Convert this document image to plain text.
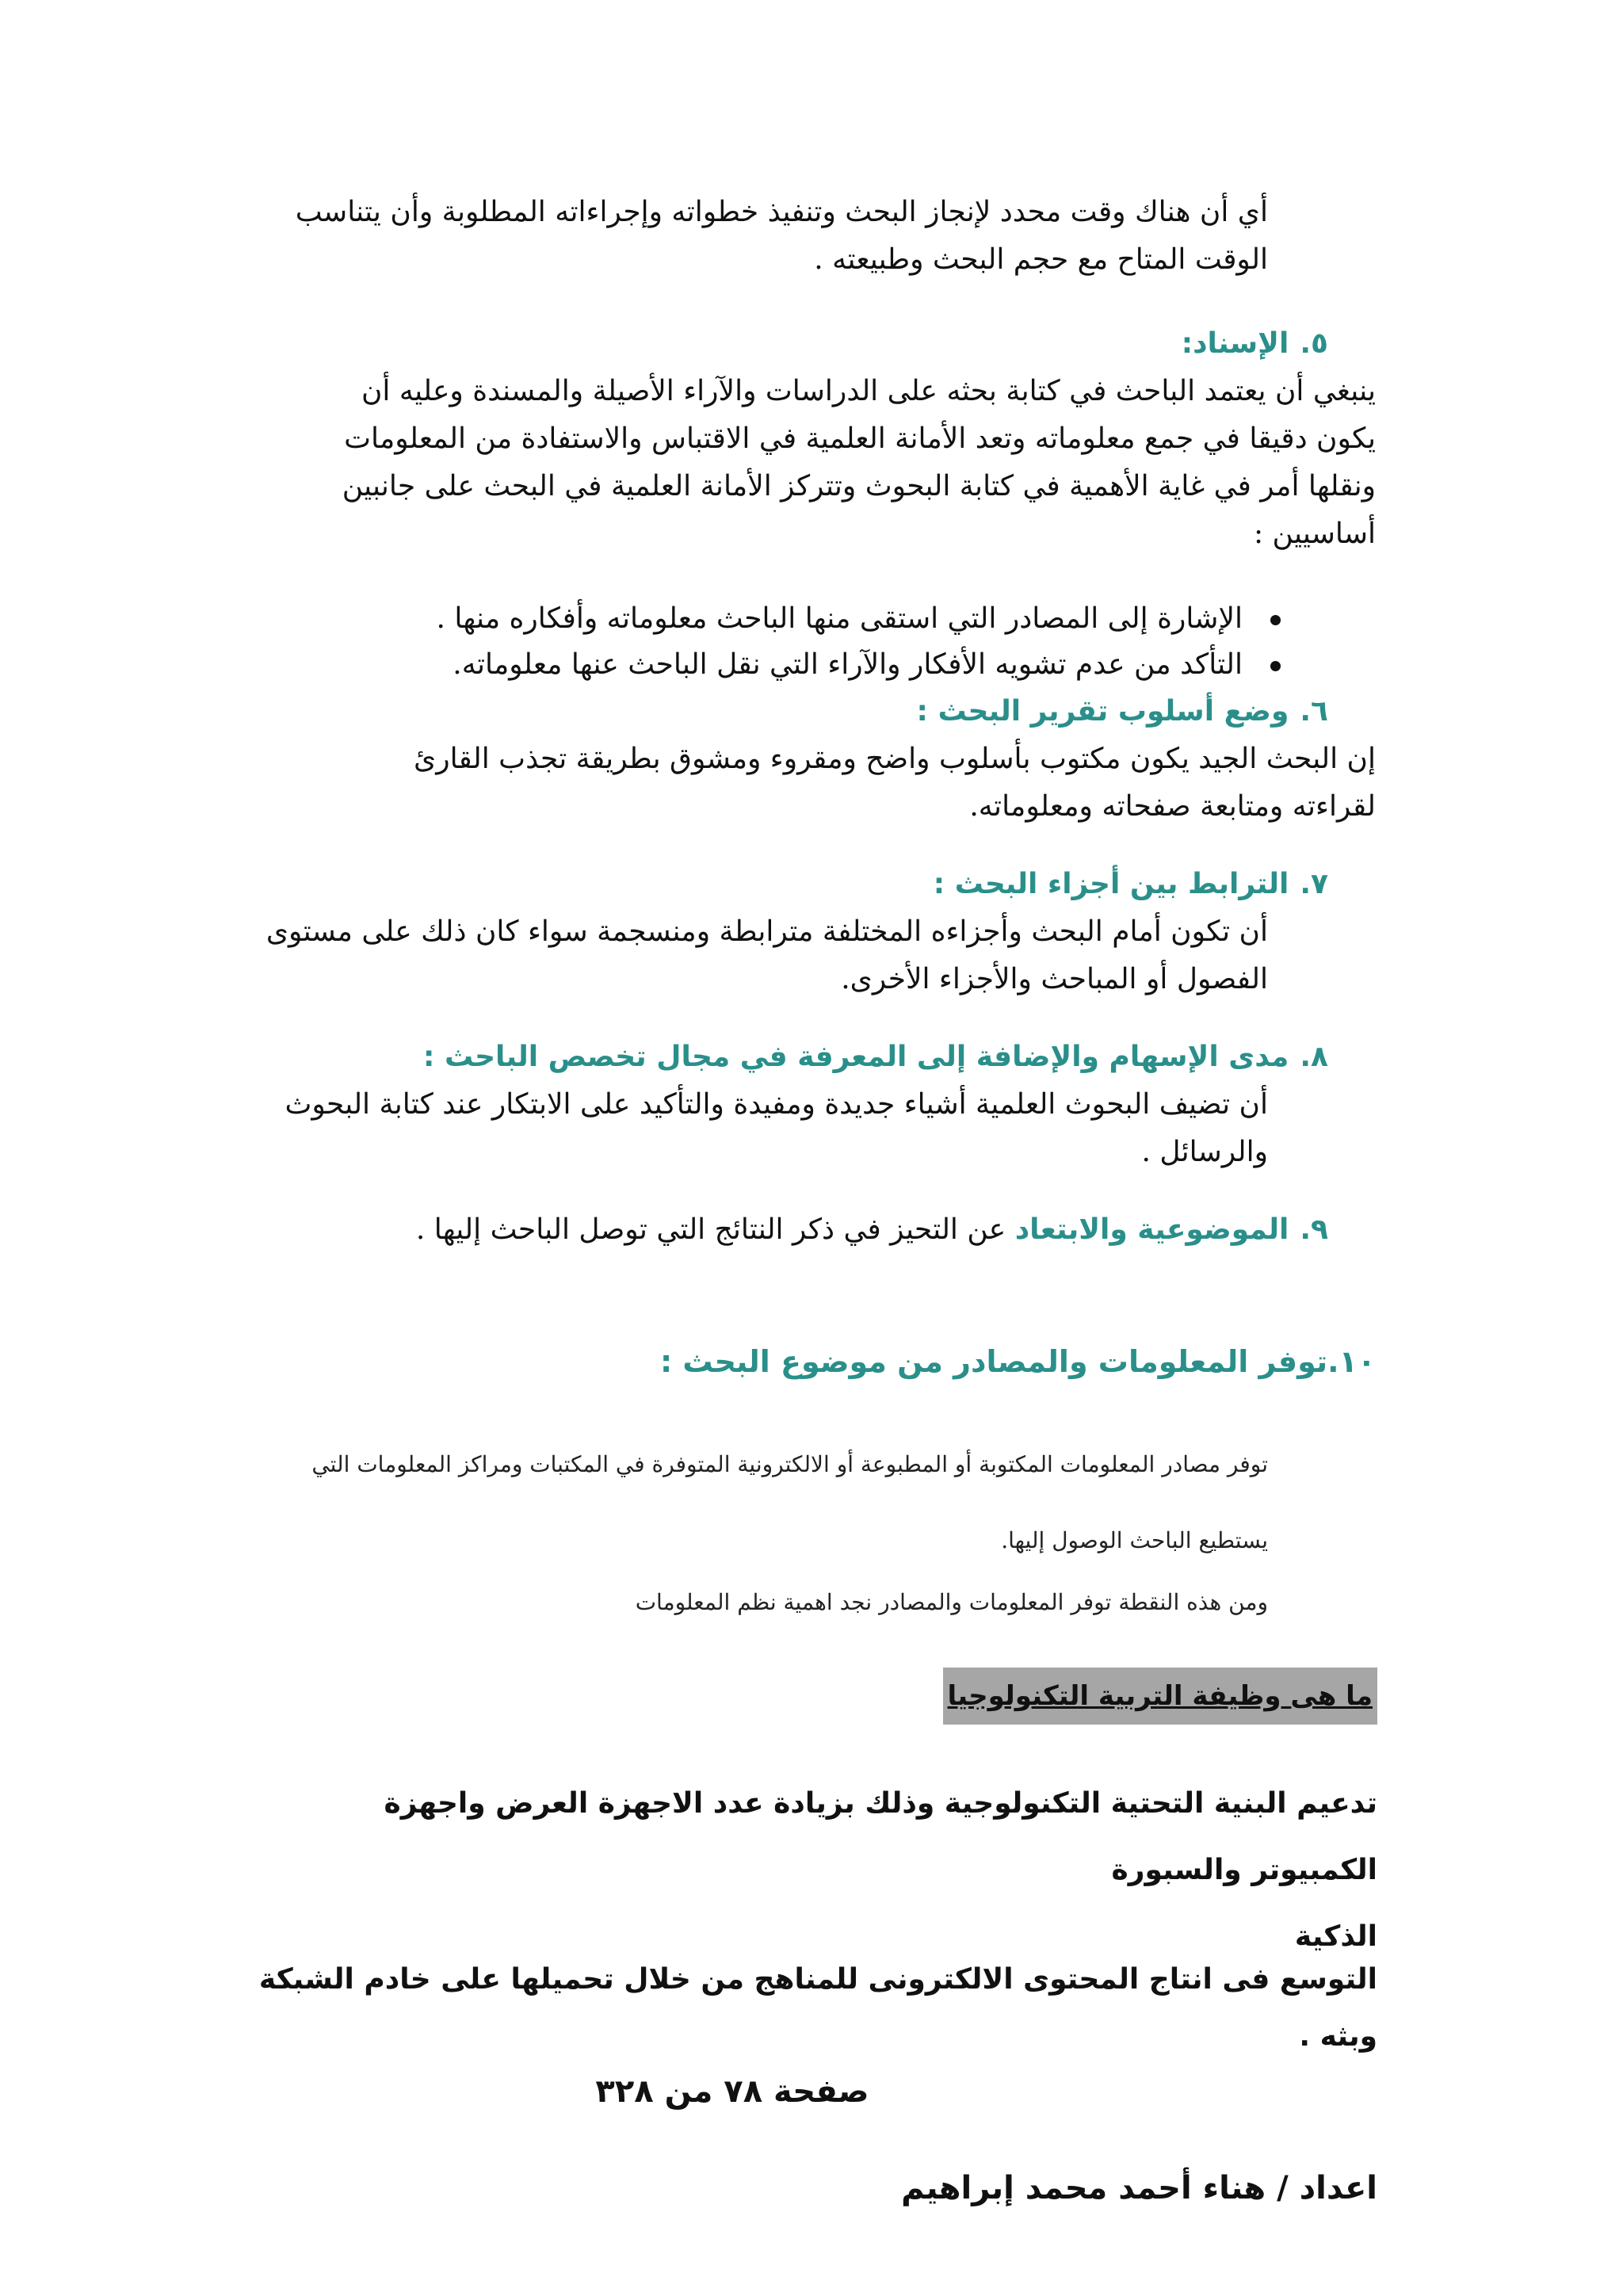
أي أن هناك وقت محدد لإنجاز البحث وتنفيذ خطواته وإجراءاته المطلوبة وأن يتناسب
الوقت المتاح مع حجم البحث وطبيعته .
٥.الإسناد:
ينبغي أن يعتمد الباحث في كتابة بحثه على الدراسات والآراء الأصيلة والمسندة وعليه أن
يكون دقيقا في جمع معلوماته وتعد الأمانة العلمية في الاقتباس والاستفادة من المعلومات
ونقلها أمر في غاية الأهمية في كتابة البحوث وتتركز الأمانة العلمية في البحث على جانبين
أساسيين :
الإشارة إلى المصادر التي استقى منها الباحث معلوماته وأفكاره منها .
التأكد من عدم تشويه الأفكار والآراء التي نقل الباحث عنها معلوماته.
٦.وضع أسلوب تقرير البحث :
إن البحث الجيد يكون مكتوب بأسلوب واضح ومقروء ومشوق بطريقة تجذب القارئ
لقراءته ومتابعة صفحاته ومعلوماته.
٧.الترابط بين أجزاء البحث :
أن تكون أمام البحث وأجزاءه المختلفة مترابطة ومنسجمة سواء كان ذلك على مستوى
الفصول أو المباحث والأجزاء الأخرى.
٨.مدى الإسهام والإضافة إلى المعرفة في مجال تخصص الباحث :
أن تضيف البحوث العلمية أشياء جديدة ومفيدة والتأكيد على الابتكار عند كتابة البحوث
والرسائل .
٩.الموضوعية والابتعاد عن التحيز في ذكر النتائج التي توصل الباحث إليها .
١٠.توفر المعلومات والمصادر من موضوع البحث :
توفر مصادر المعلومات المكتوبة أو المطبوعة أو الالكترونية المتوفرة في المكتبات ومراكز المعلومات التي
يستطيع الباحث الوصول إليها.
ومن هذه النقطة توفر المعلومات والمصادر نجد اهمية نظم المعلومات
ما هى وظيفة التربية التكنولوجيا
تدعيم البنية التحتية التكنولوجية وذلك بزيادة عدد الاجهزة العرض واجهزة الكمبيوتر والسبورة
الذكية
التوسع فى انتاج المحتوى الالكترونى للمناهج من خلال تحميلها على خادم الشبكة وبثه .
صفحة ٧٨ من ٣٢٨
اعداد / هناء أحمد محمد إبراهيم
